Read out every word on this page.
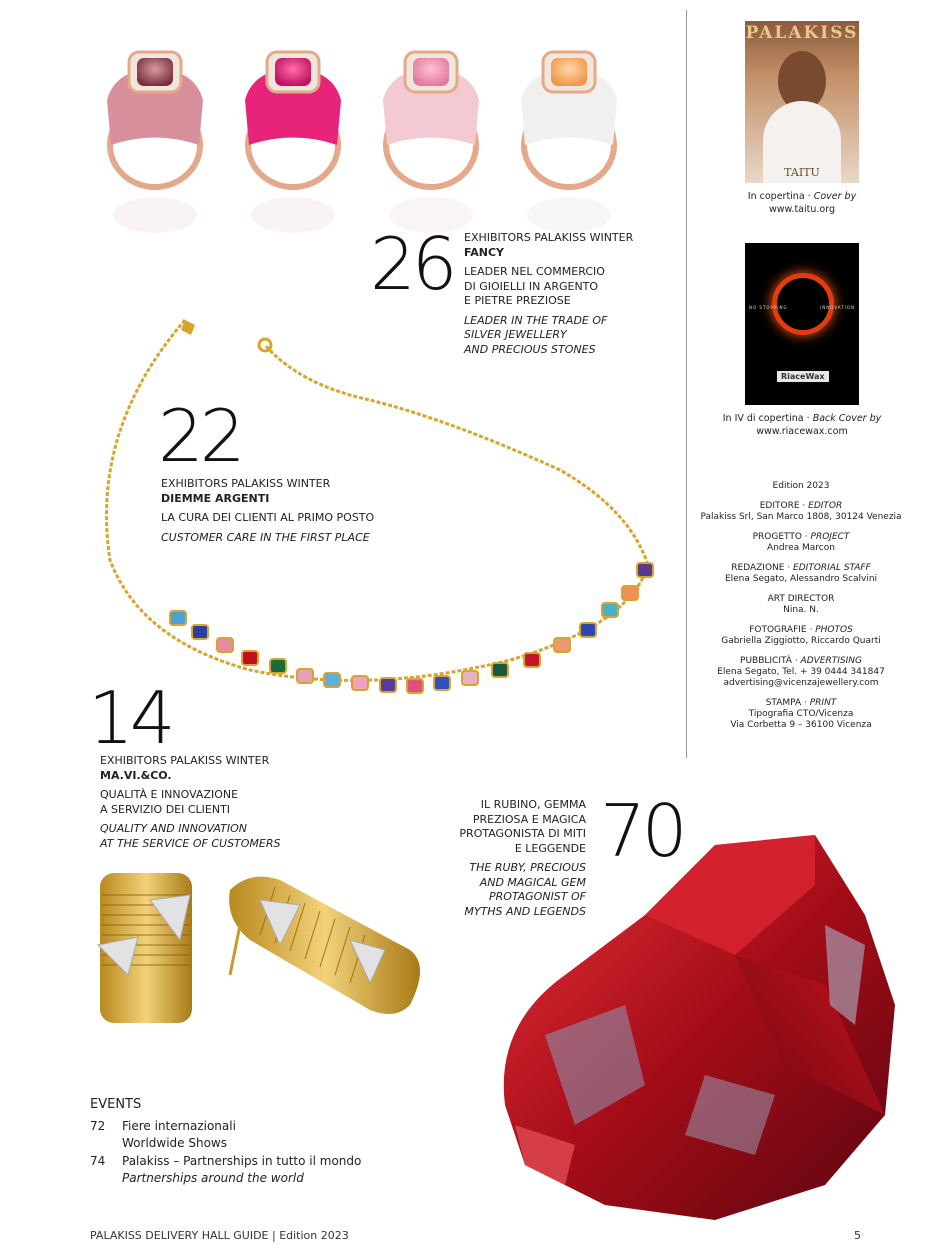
26 EXHIBITORS PALAKISS WINTER
FANCY
LEADER NEL COMMERCIO
DI GIOIELLI IN ARGENTO
E PIETRE PREZIOSE
LEADER IN THE TRADE OF
SILVER JEWELLERY
AND PRECIOUS STONES
22
EXHIBITORS PALAKISS WINTER
DIEMME ARGENTI
LA CURA DEI CLIENTI AL PRIMO POSTO
CUSTOMER CARE IN THE FIRST PLACE
14
EXHIBITORS PALAKISS WINTER
MA.VI.&CO.
QUALITÀ E INNOVAZIONE
A SERVIZIO DEI CLIENTI
QUALITY AND INNOVATION
AT THE SERVICE OF CUSTOMERS
IL RUBINO, GEMMA
PREZIOSA E MAGICA
PROTAGONISTA DI MITI
E LEGGENDE
THE RUBY, PRECIOUS
AND MAGICAL GEM
PROTAGONIST OF
MYTHS AND LEGENDS
70
PALAKISS
TAITU
In copertina · Cover by
www.taitu.org
NO STOPPING	INNOVATION
RiaceWax
In IV di copertina · Back Cover by
www.riacewax.com
Edition 2023
EDITORE · EDITOR
Palakiss Srl, San Marco 1808, 30124 Venezia
PROGETTO · PROJECT
Andrea Marcon
REDAZIONE · EDITORIAL STAFF
Elena Segato, Alessandro Scalvini
ART DIRECTOR
Nina. N.
FOTOGRAFIE · PHOTOS
Gabriella Ziggiotto, Riccardo Quarti
PUBBLICITÀ · ADVERTISING
Elena Segato, Tel. + 39 0444 341847
advertising@vicenzajewellery.com
STAMPA · PRINT
Tipografia CTO/Vicenza
Via Corbetta 9 – 36100 Vicenza
EVENTS
72	Fiere internazionali
Worldwide Shows
74	Palakiss – Partnerships in tutto il mondo
Partnerships around the world
PALAKISS DELIVERY HALL GUIDE | Edition 2023	5
